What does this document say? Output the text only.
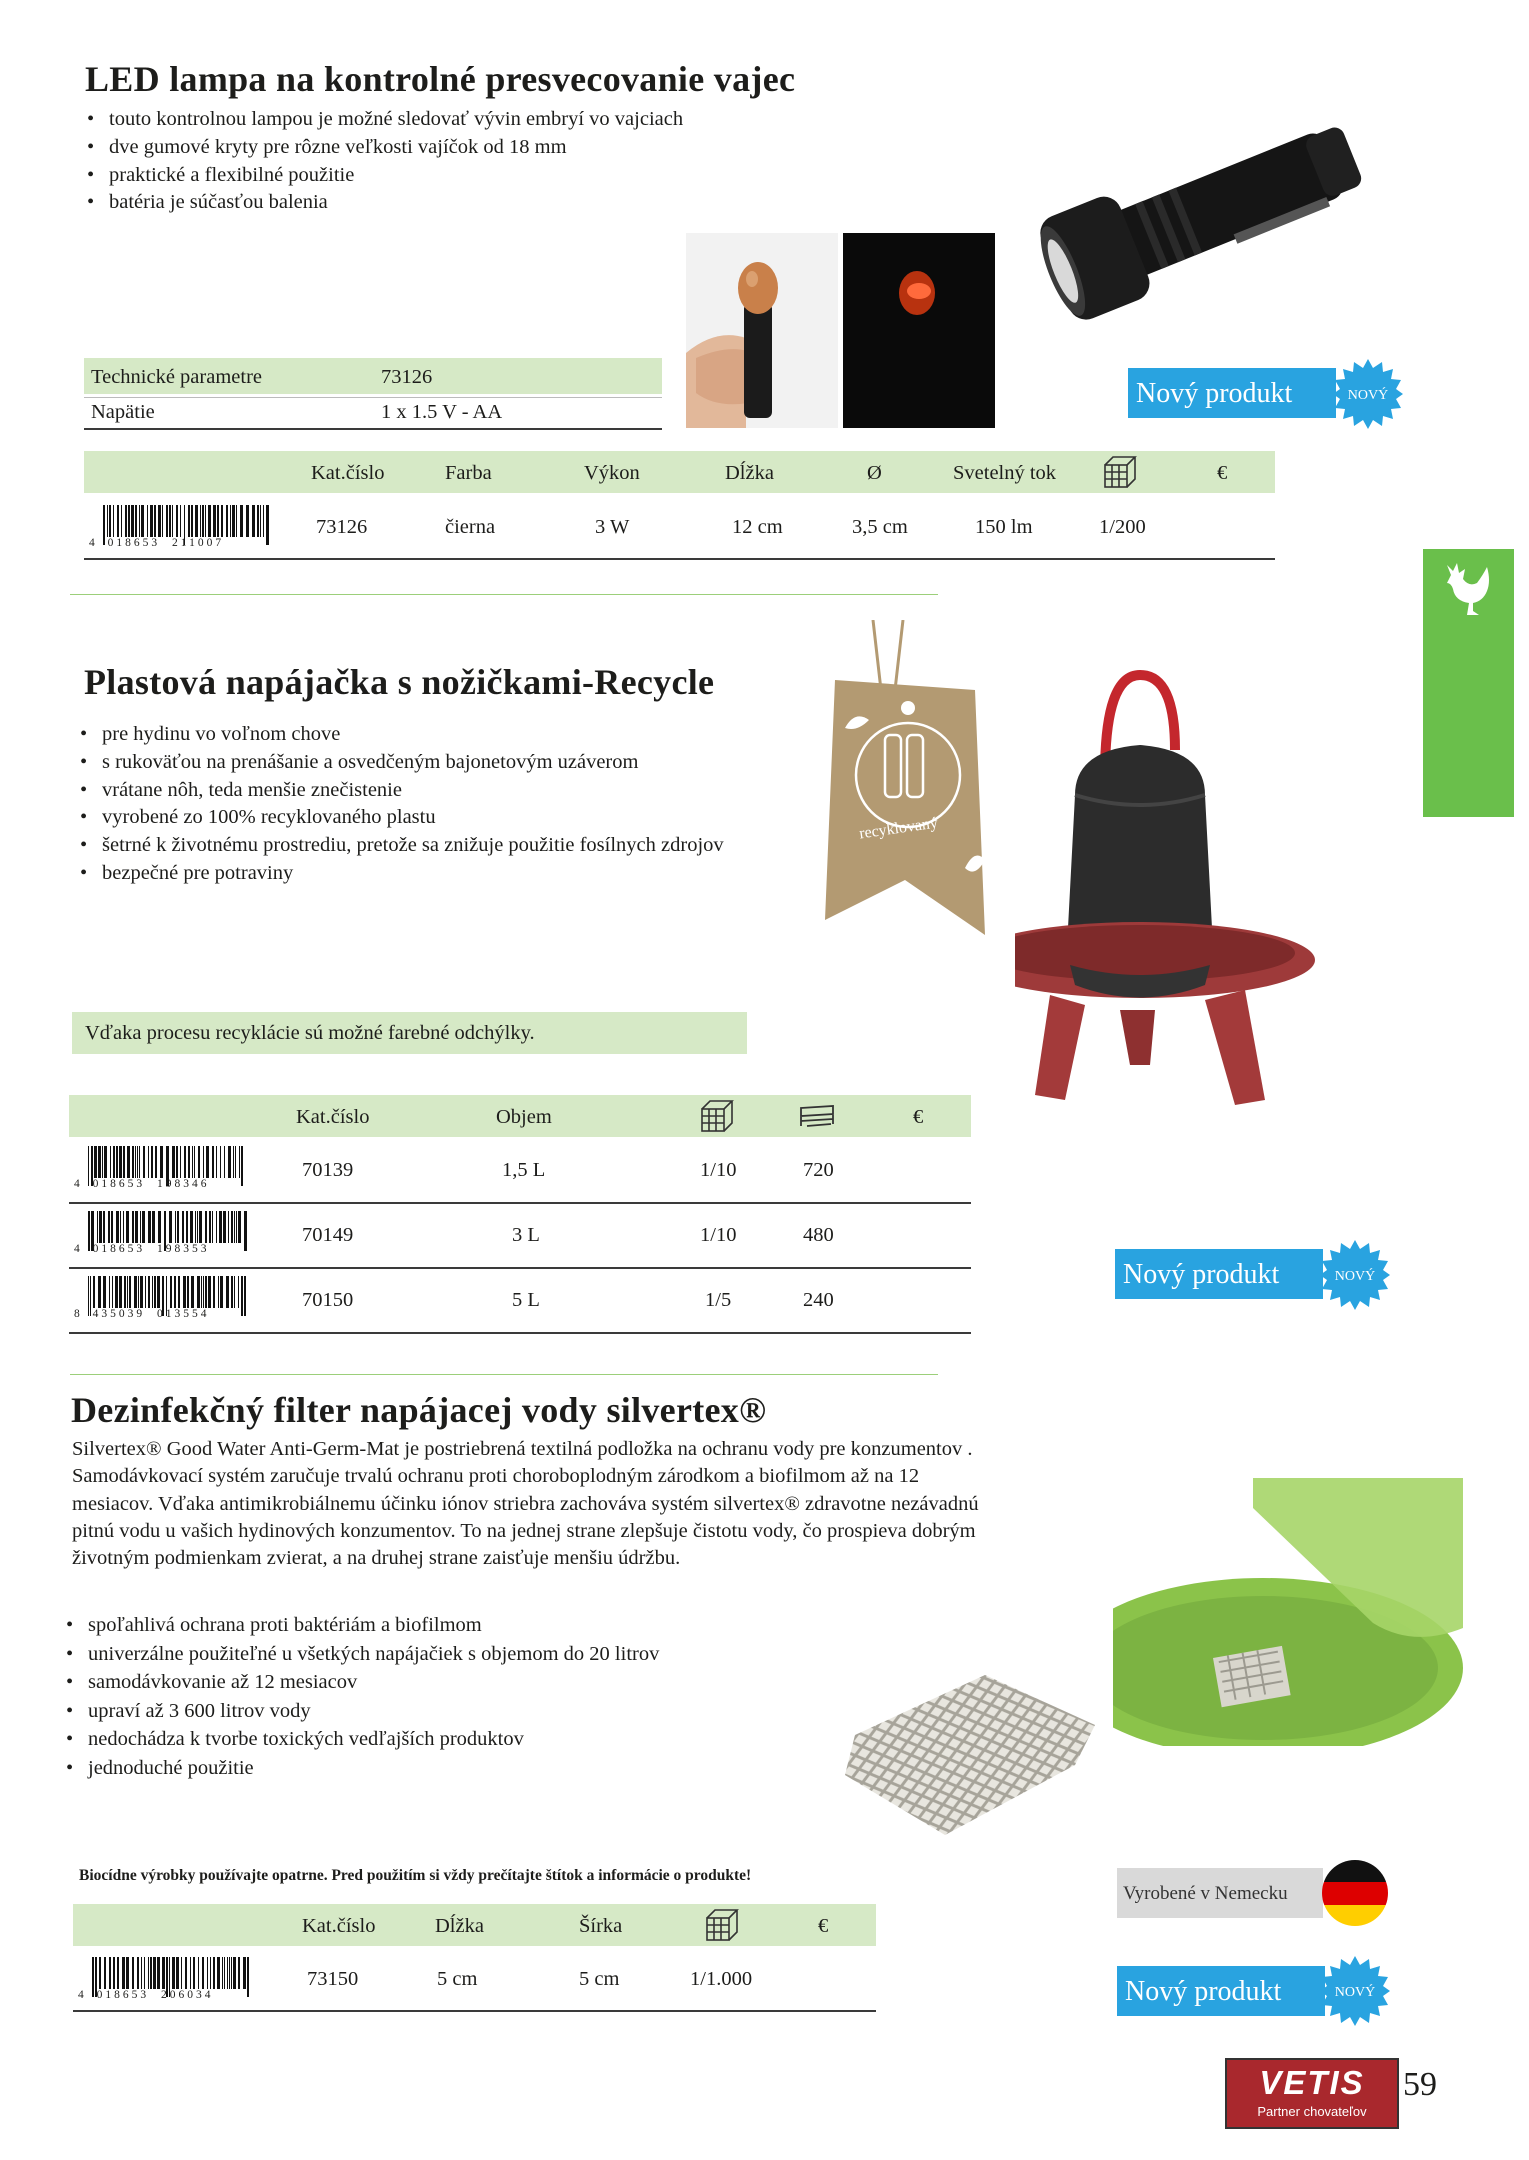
LED lampa na kontrolné presvecovanie vajec
• touto kontrolnou lampou je možné sledovať vývin embryí vo vajciach
• dve gumové kryty pre rôzne veľkosti vajíčok od 18 mm
• praktické a flexibilné použitie
• batéria je súčasťou balenia
Technické parametre	73126
Napätie	1 x 1.5 V - AA
Nový produkt	NOVÝ
Kat.číslo	Farba	Výkon	Dĺžka	Ø	Svetelný tok	€
4 018653 211007
73126	čierna	3 W	12 cm	3,5 cm	150 lm	1/200
Plastová napájačka s nožičkami-Recycle
• pre hydinu vo voľnom chove
• s rukoväťou na prenášanie a osvedčeným bajonetovým uzáverom
• vrátane nôh, teda menšie znečistenie
• vyrobené zo 100% recyklovaného plastu
• šetrné k životnému prostrediu, pretože sa znižuje použitie fosílnych zdrojov
• bezpečné pre potraviny
recyklovaný
Vďaka procesu recyklácie sú možné farebné odchýlky.
Kat.číslo	Objem	€
4 018653 198346
70139	1,5 L	1/10	720
4 018653 198353
70149	3 L	1/10	480
8 435039 013554
70150	5 L	1/5	240
Nový produkt	NOVÝ
Dezinfekčný filter napájacej vody silvertex®

Silvertex® Good Water Anti-Germ-Mat je postriebrená textilná podložka na ochranu vody pre konzumentov . Samodávkovací systém zaručuje trvalú ochranu proti choroboplodným zárodkom a biofilmom až na 12 mesiacov. Vďaka antimikrobiálnemu účinku iónov striebra zachováva systém silvertex® zdravotne nezávadnú pitnú vodu u vašich hydinových konzumentov. To na jednej strane zlepšuje čistotu vody, čo prospieva dobrým životným podmienkam zvierat, a na druhej strane zaisťuje menšiu údržbu.

• spoľahlivá ochrana proti baktériám a biofilmom
• univerzálne použiteľné u všetkých napájačiek s objemom do 20 litrov
• samodávkovanie až 12 mesiacov
• upraví až 3 600 litrov vody
• nedochádza k tvorbe toxických vedľajších produktov
• jednoduché použitie
Biocídne výrobky používajte opatrne. Pred použitím si vždy prečítajte štítok a informácie o produkte!
Kat.číslo	Dĺžka	Šírka	€
4 018653 206034
73150	5 cm	5 cm	1/1.000
Vyrobené v Nemecku
Nový produkt	NOVÝ
VETIS
Partner chovateľov
59
